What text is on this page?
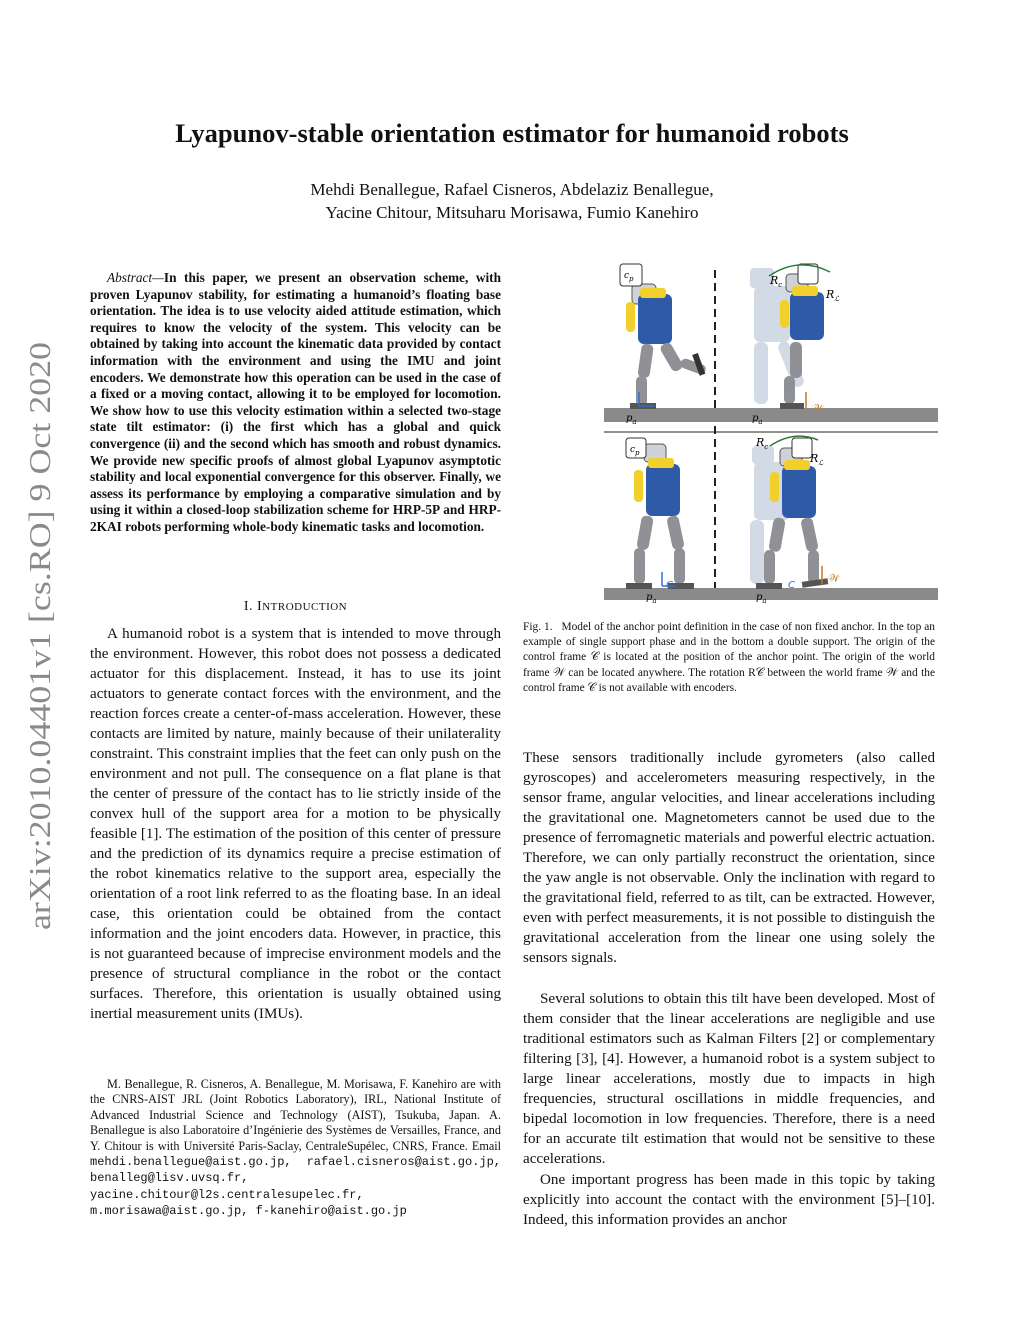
arXiv:2010.04401v1 [cs.RO] 9 Oct 2020
Lyapunov-stable orientation estimator for humanoid robots
Mehdi Benallegue, Rafael Cisneros, Abdelaziz Benallegue,
Yacine Chitour, Mitsuharu Morisawa, Fumio Kanehiro

Abstract—In this paper, we present an observation scheme, with proven Lyapunov stability, for estimating a humanoid’s floating base orientation. The idea is to use velocity aided attitude estimation, which requires to know the velocity of the system. This velocity can be obtained by taking into account the kinematic data provided by contact information with the environment and using the IMU and joint encoders. We demonstrate how this operation can be used in the case of a fixed or a moving contact, allowing it to be employed for locomotion. We show how to use this velocity estimation within a selected two-stage state tilt estimator: (i) the first which has a global and quick convergence (ii) and the second which has smooth and robust dynamics. We provide new specific proofs of almost global Lyapunov asymptotic stability and local exponential convergence for this observer. Finally, we assess its performance by employing a comparative simulation and by using it within a closed-loop stabilization scheme for HRP-5P and HRP-2KAI robots performing whole-body kinematic tasks and locomotion.

I. INTRODUCTION

A humanoid robot is a system that is intended to move through the environment. However, this robot does not possess a dedicated actuator for this displacement. Instead, it has to use its joint actuators to generate contact forces with the environment, and the reaction forces create a center-of-mass acceleration. However, these contacts are limited by nature, mainly because of their unilaterality constraint. This constraint implies that the feet can only push on the environment and not pull. The consequence on a flat plane is that the center of pressure of the contact has to lie strictly inside of the convex hull of the support area for a motion to be physically feasible [1]. The estimation of the position of this center of pressure and the prediction of its dynamics require a precise estimation of the robot kinematics relative to the support area, especially the orientation of a root link referred to as the floating base. In an ideal case, this orientation could be obtained from the contact information and the joint encoders data. However, in practice, this is not guaranteed because of imprecise environment models and the presence of structural compliance in the robot or the contact surfaces. Therefore, this orientation is usually obtained using inertial measurement units (IMUs).

M. Benallegue, R. Cisneros, A. Benallegue, M. Morisawa, F. Kanehiro are with the CNRS-AIST JRL (Joint Robotics Laboratory), IRL, National Institute of Advanced Industrial Science and Technology (AIST), Tsukuba, Japan. A. Benallegue is also Laboratoire d’Ingénierie des Systèmes de Versailles, France, and Y. Chitour is with Université Paris-Saclay, CentraleSupélec, CNRS, France. Email mehdi.benallegue@aist.go.jp, rafael.cisneros@aist.go.jp, benalleg@lisv.uvsq.fr, yacine.chitour@l2s.centralesupelec.fr, m.morisawa@aist.go.jp, f-kanehiro@aist.go.jp

$c_p$
$p_a$
$R_c$
$R_ℒ$
𝒲
$p_a$
$c_p$
$p_a$
C
$R_c$
$R_ℒ$
𝒲
$p_a$
C

Fig. 1. Model of the anchor point definition in the case of non fixed anchor. In the top an example of single support phase and in the bottom a double support. The origin of the control frame 𝒞 is located at the position of the anchor point. The origin of the world frame 𝒲 can be located anywhere. The rotation R𝒞 between the world frame 𝒲 and the control frame 𝒞 is not available with encoders.

These sensors traditionally include gyrometers (also called gyroscopes) and accelerometers measuring respectively, in the sensor frame, angular velocities, and linear accelerations including the gravitational one. Magnetometers cannot be used due to the presence of ferromagnetic materials and powerful electric actuation. Therefore, we can only partially reconstruct the orientation, since the yaw angle is not observable. Only the inclination with regard to the gravitational field, referred to as tilt, can be extracted. However, even with perfect measurements, it is not possible to distinguish the gravitational acceleration from the linear one using solely the sensors signals.

Several solutions to obtain this tilt have been developed. Most of them consider that the linear accelerations are negligible and use traditional estimators such as Kalman Filters [2] or complementary filtering [3], [4]. However, a humanoid robot is a system subject to large linear accelerations, mostly due to impacts in high frequencies, structural oscillations in middle frequencies, and bipedal locomotion in low frequencies. Therefore, there is a need for an accurate tilt estimation that would not be sensitive to these accelerations.

One important progress has been made in this topic by taking explicitly into account the contact with the environment [5]–[10]. Indeed, this information provides an anchor
